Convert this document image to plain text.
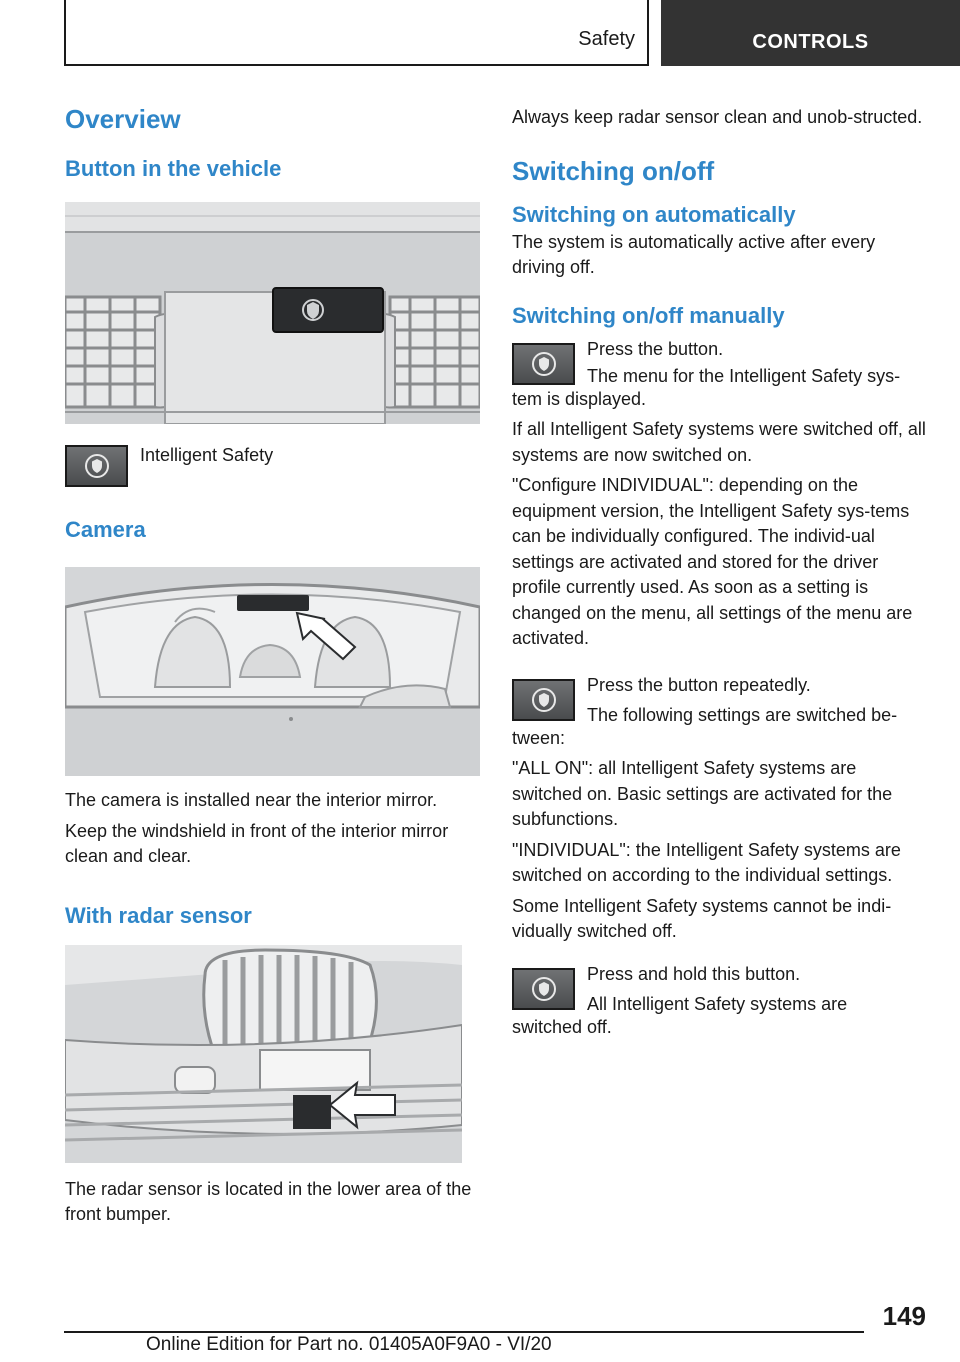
Safety	CONTROLS
Overview
Button in the vehicle

Intelligent Safety

Camera

The camera is installed near the interior mirror.

Keep the windshield in front of the interior mirror clean and clear.

With radar sensor

The radar sensor is located in the lower area of the front bumper.

Always keep radar sensor clean and unob-structed.

Switching on/off
Switching on automatically

The system is automatically active after every driving off.

Switching on/off manually

Press the button.

The menu for the Intelligent Safety sys-

tem is displayed.

If all Intelligent Safety systems were switched off, all systems are now switched on.

"Configure INDIVIDUAL": depending on the equipment version, the Intelligent Safety sys-tems can be individually configured. The individ-ual settings are activated and stored for the driver profile currently used. As soon as a setting is changed on the menu, all settings of the menu are activated.

Press the button repeatedly.

The following settings are switched be-

tween:

"ALL ON": all Intelligent Safety systems are switched on. Basic settings are activated for the subfunctions.

"INDIVIDUAL": the Intelligent Safety systems are switched on according to the individual settings.

Some Intelligent Safety systems cannot be indi-vidually switched off.

Press and hold this button.

All Intelligent Safety systems are

switched off.

149
Online Edition for Part no. 01405A0F9A0 - VI/20
